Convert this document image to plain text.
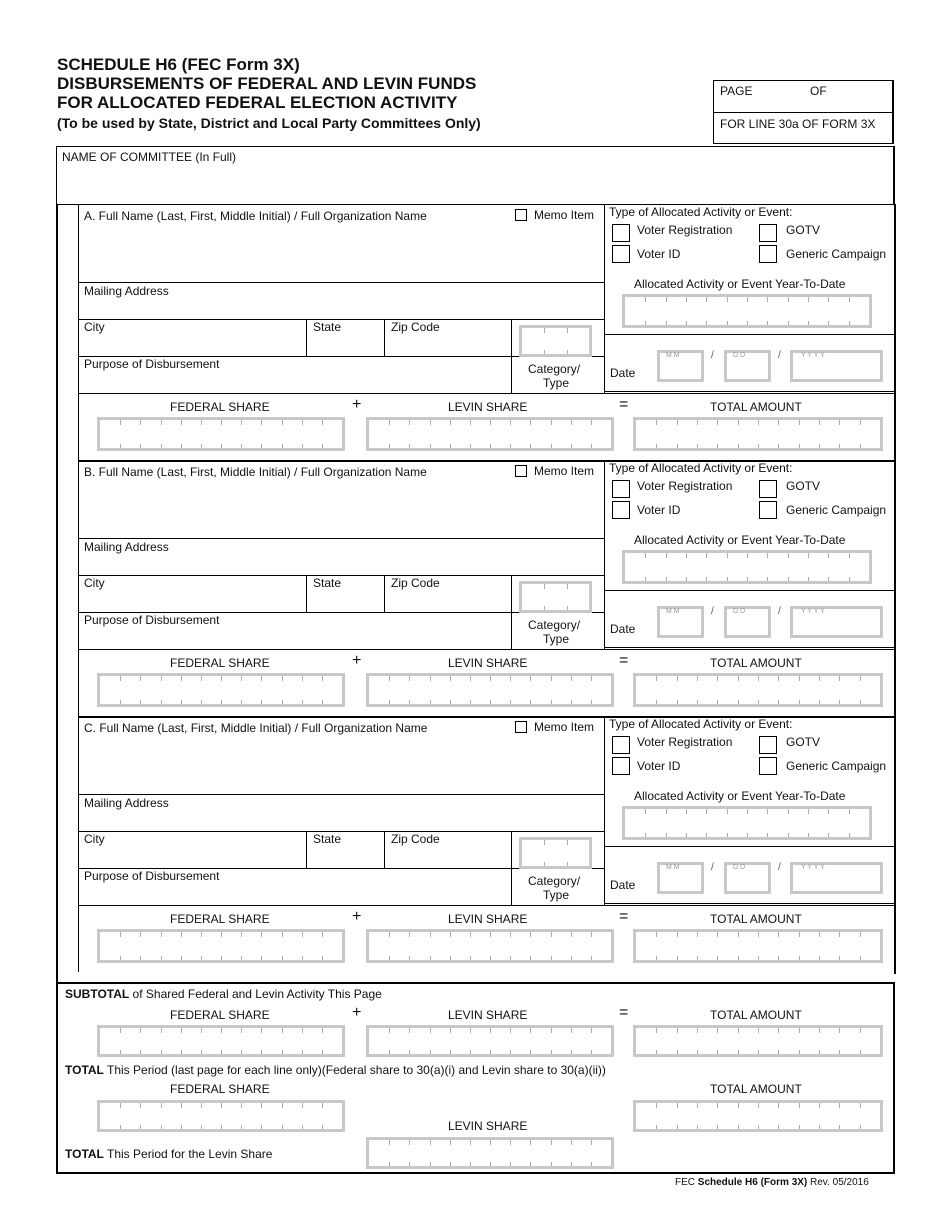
SCHEDULE H6 (FEC Form 3X)
DISBURSEMENTS OF FEDERAL AND LEVIN FUNDS
FOR ALLOCATED FEDERAL ELECTION ACTIVITY
(To be used by State, District and Local Party Committees Only)
PAGE	OF
FOR LINE 30a OF FORM 3X
NAME OF COMMITTEE (In Full)
A. Full Name (Last, First, Middle Initial) / Full Organization Name	Memo Item Type of Allocated Activity or Event:
Voter Registration	GOTV
Voter ID	Generic Campaign
Allocated Activity or Event Year-To-Date
Mailing Address
City	State	Zip Code
Purpose of Disbursement	Category/
Type
Date
M M	/	D D	/	Y Y Y Y
FEDERAL SHARE	+	LEVIN SHARE	=	TOTAL AMOUNT
B. Full Name (Last, First, Middle Initial) / Full Organization Name	Memo Item Type of Allocated Activity or Event:
Voter Registration	GOTV
Voter ID	Generic Campaign
Allocated Activity or Event Year-To-Date
Mailing Address
City	State	Zip Code
Purpose of Disbursement	Category/
Type
Date
M M	/	D D	/	Y Y Y Y
FEDERAL SHARE	+	LEVIN SHARE	=	TOTAL AMOUNT
C. Full Name (Last, First, Middle Initial) / Full Organization Name	Memo Item Type of Allocated Activity or Event:
Voter Registration	GOTV
Voter ID	Generic Campaign
Allocated Activity or Event Year-To-Date
Mailing Address
City	State	Zip Code
Purpose of Disbursement	Category/
Type
Date
M M	/	D D	/	Y Y Y Y
FEDERAL SHARE	+	LEVIN SHARE	=	TOTAL AMOUNT
SUBTOTAL of Shared Federal and Levin Activity This Page
FEDERAL SHARE	+	LEVIN SHARE	=	TOTAL AMOUNT
TOTAL This Period (last page for each line only)(Federal share to 30(a)(i) and Levin share to 30(a)(ii))
FEDERAL SHARE	TOTAL AMOUNT
LEVIN SHARE
TOTAL This Period for the Levin Share
FEC Schedule H6 (Form 3X) Rev. 05/2016
